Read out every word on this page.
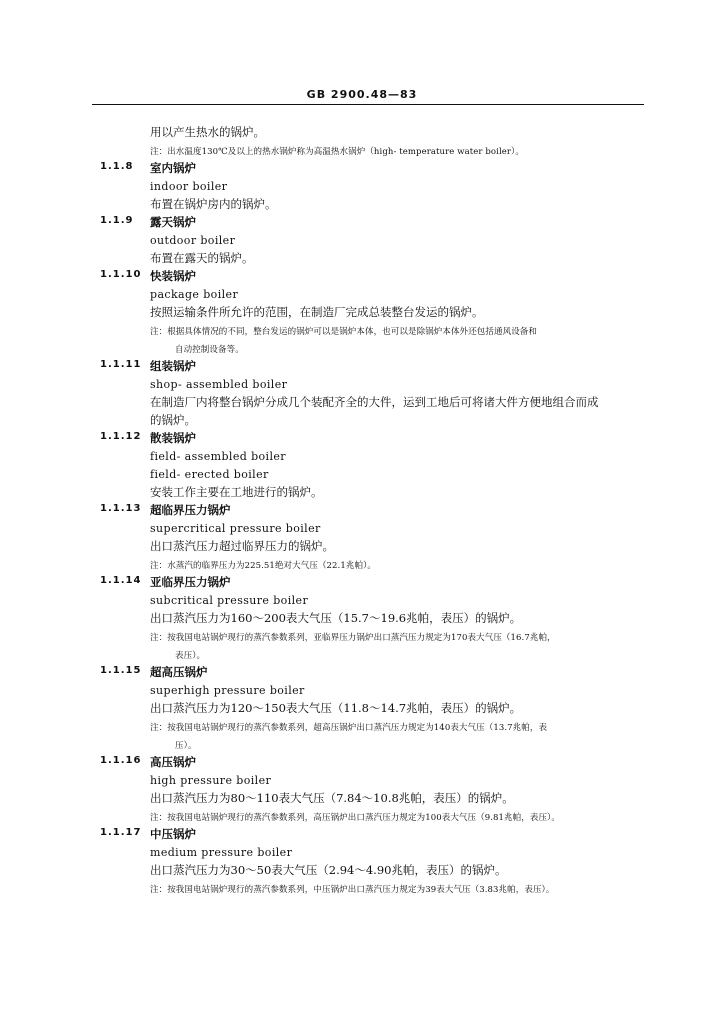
GB 2900.48—83
用以产生热水的锅炉。
注：出水温度130℃及以上的热水锅炉称为高温热水锅炉（high- temperature water boiler）。
1.1.8 室内锅炉
indoor boiler
布置在锅炉房内的锅炉。
1.1.9 露天锅炉
outdoor boiler
布置在露天的锅炉。
1.1.10 快装锅炉
package boiler
按照运输条件所允许的范围，在制造厂完成总装整台发运的锅炉。
注：根据具体情况的不同，整台发运的锅炉可以是锅炉本体，也可以是除锅炉本体外还包括通风设备和
自动控制设备等。
1.1.11 组装锅炉
shop- assembled boiler
在制造厂内将整台锅炉分成几个装配齐全的大件，运到工地后可将诸大件方便地组合而成
的锅炉。
1.1.12 散装锅炉
field- assembled boiler
field- erected boiler
安装工作主要在工地进行的锅炉。
1.1.13 超临界压力锅炉
supercritical pressure boiler
出口蒸汽压力超过临界压力的锅炉。
注：水蒸汽的临界压力为225.51绝对大气压（22.1兆帕）。
1.1.14 亚临界压力锅炉
subcritical pressure boiler
出口蒸汽压力为160～200表大气压（15.7～19.6兆帕，表压）的锅炉。
注：按我国电站锅炉现行的蒸汽参数系列，亚临界压力锅炉出口蒸汽压力规定为170表大气压（16.7兆帕，
表压）。
1.1.15 超高压锅炉
superhigh pressure boiler
出口蒸汽压力为120～150表大气压（11.8～14.7兆帕，表压）的锅炉。
注：按我国电站锅炉现行的蒸汽参数系列，超高压锅炉出口蒸汽压力规定为140表大气压（13.7兆帕，表
压）。
1.1.16 高压锅炉
high pressure boiler
出口蒸汽压力为80～110表大气压（7.84～10.8兆帕，表压）的锅炉。
注：按我国电站锅炉现行的蒸汽参数系列，高压锅炉出口蒸汽压力规定为100表大气压（9.81兆帕，表压）。
1.1.17 中压锅炉
medium pressure boiler
出口蒸汽压力为30～50表大气压（2.94～4.90兆帕，表压）的锅炉。
注：按我国电站锅炉现行的蒸汽参数系列，中压锅炉出口蒸汽压力规定为39表大气压（3.83兆帕，表压）。
